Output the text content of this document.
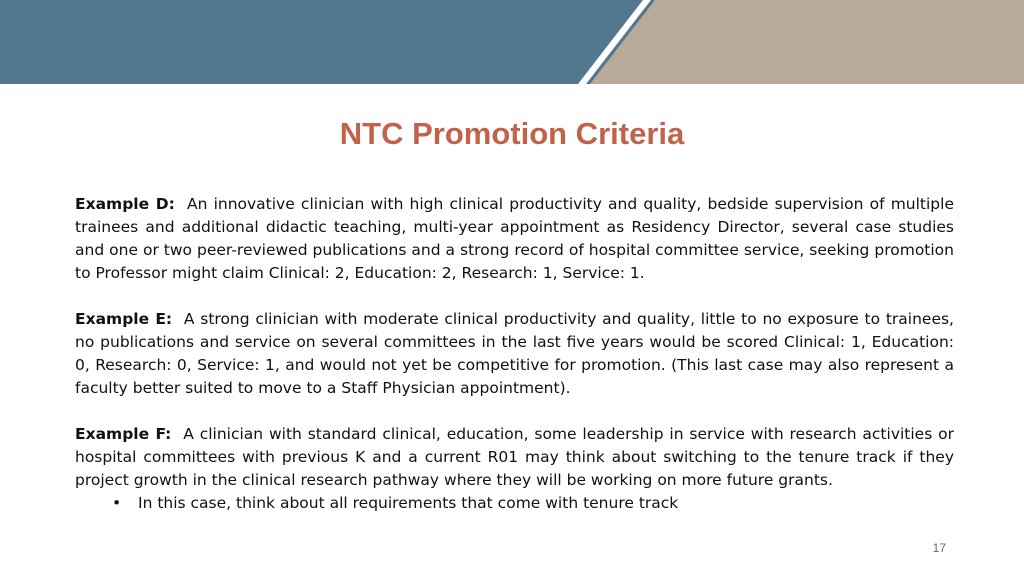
NTC Promotion Criteria

Example D: An innovative clinician with high clinical productivity and quality, bedside supervision of multiple trainees and additional didactic teaching, multi-year appointment as Residency Director, several case studies and one or two peer-reviewed publications and a strong record of hospital committee service, seeking promotion to Professor might claim Clinical: 2, Education: 2, Research: 1, Service: 1.

Example E: A strong clinician with moderate clinical productivity and quality, little to no exposure to trainees, no publications and service on several committees in the last five years would be scored Clinical: 1, Education: 0, Research: 0, Service: 1, and would not yet be competitive for promotion. (This last case may also represent a faculty better suited to move to a Staff Physician appointment).

Example F: A clinician with standard clinical, education, some leadership in service with research activities or hospital committees with previous K and a current R01 may think about switching to the tenure track if they project growth in the clinical research pathway where they will be working on more future grants.

• In this case, think about all requirements that come with tenure track
17
